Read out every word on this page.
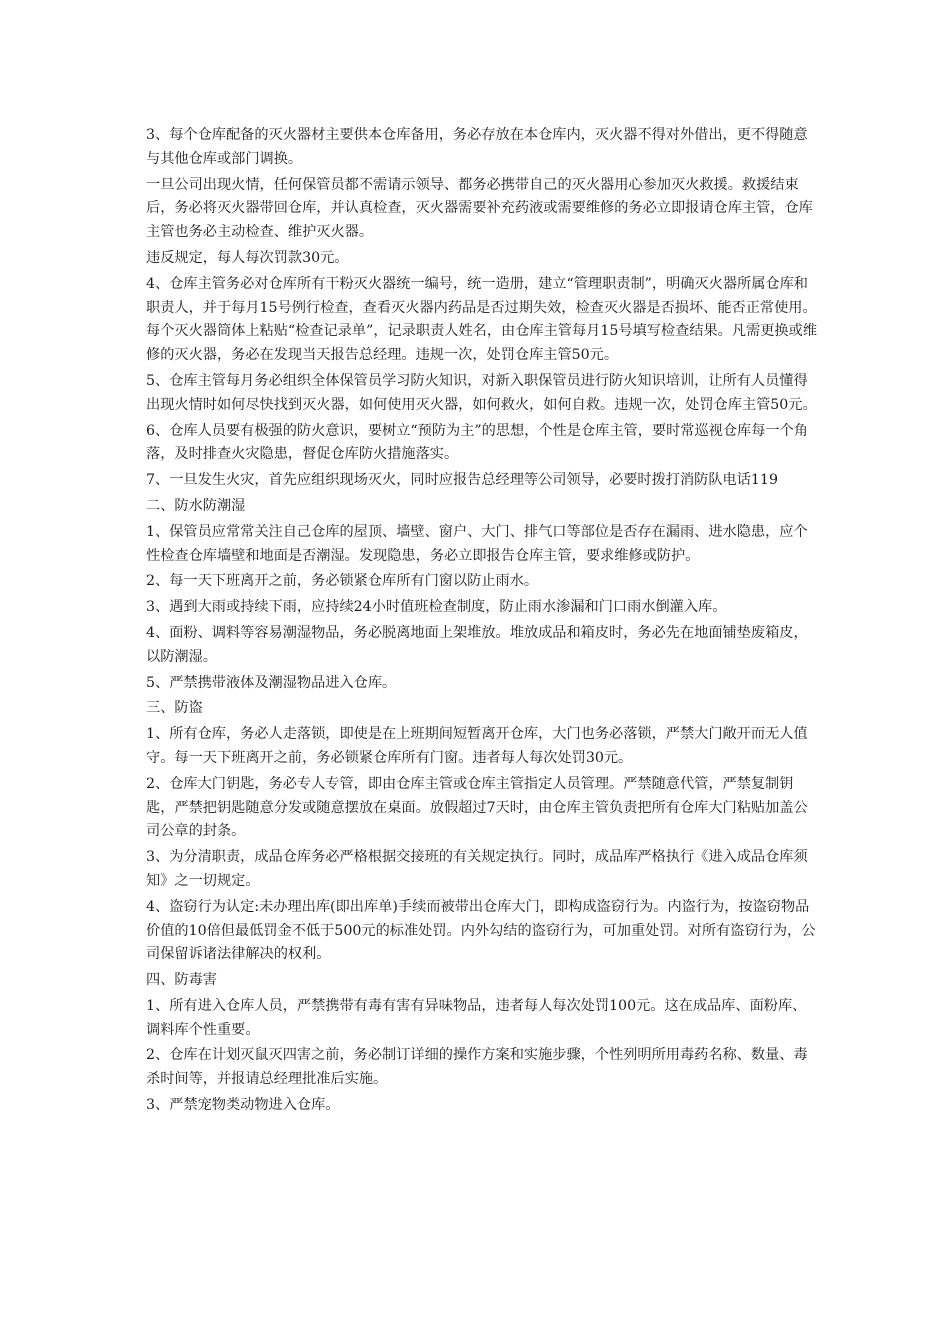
3、每个仓库配备的灭火器材主要供本仓库备用，务必存放在本仓库内，灭火器不得对外借出，更不得随意与其他仓库或部门调换。

一旦公司出现火情，任何保管员都不需请示领导、都务必携带自己的灭火器用心参加灭火救援。救援结束后，务必将灭火器带回仓库，并认真检查，灭火器需要补充药液或需要维修的务必立即报请仓库主管，仓库主管也务必主动检查、维护灭火器。

违反规定，每人每次罚款30元。

4、仓库主管务必对仓库所有干粉灭火器统一编号，统一造册，建立“管理职责制”，明确灭火器所属仓库和职责人，并于每月15号例行检查，查看灭火器内药品是否过期失效，检查灭火器是否损坏、能否正常使用。每个灭火器筒体上粘贴“检查记录单”，记录职责人姓名，由仓库主管每月15号填写检查结果。凡需更换或维修的灭火器，务必在发现当天报告总经理。违规一次，处罚仓库主管50元。

5、仓库主管每月务必组织全体保管员学习防火知识，对新入职保管员进行防火知识培训，让所有人员懂得出现火情时如何尽快找到灭火器，如何使用灭火器，如何救火，如何自救。违规一次，处罚仓库主管50元。

6、仓库人员要有极强的防火意识，要树立“预防为主”的思想，个性是仓库主管，要时常巡视仓库每一个角落，及时排查火灾隐患，督促仓库防火措施落实。

7、一旦发生火灾，首先应组织现场灭火，同时应报告总经理等公司领导，必要时拨打消防队电话119

二、防水防潮湿

1、保管员应常常关注自己仓库的屋顶、墙壁、窗户、大门、排气口等部位是否存在漏雨、进水隐患，应个性检查仓库墙壁和地面是否潮湿。发现隐患，务必立即报告仓库主管，要求维修或防护。

2、每一天下班离开之前，务必锁紧仓库所有门窗以防止雨水。

3、遇到大雨或持续下雨，应持续24小时值班检查制度，防止雨水渗漏和门口雨水倒灌入库。

4、面粉、调料等容易潮湿物品，务必脱离地面上架堆放。堆放成品和箱皮时，务必先在地面铺垫废箱皮，以防潮湿。

5、严禁携带液体及潮湿物品进入仓库。

三、防盗

1、所有仓库，务必人走落锁，即使是在上班期间短暂离开仓库，大门也务必落锁，严禁大门敞开而无人值守。每一天下班离开之前，务必锁紧仓库所有门窗。违者每人每次处罚30元。

2、仓库大门钥匙，务必专人专管，即由仓库主管或仓库主管指定人员管理。严禁随意代管，严禁复制钥匙，严禁把钥匙随意分发或随意摆放在桌面。放假超过7天时，由仓库主管负责把所有仓库大门粘贴加盖公司公章的封条。

3、为分清职责，成品仓库务必严格根据交接班的有关规定执行。同时，成品库严格执行《进入成品仓库须知》之一切规定。

4、盗窃行为认定:未办理出库(即出库单)手续而被带出仓库大门，即构成盗窃行为。内盗行为，按盗窃物品价值的10倍但最低罚金不低于500元的标准处罚。内外勾结的盗窃行为，可加重处罚。对所有盗窃行为，公司保留诉诸法律解决的权利。

四、防毒害

1、所有进入仓库人员，严禁携带有毒有害有异味物品，违者每人每次处罚100元。这在成品库、面粉库、调料库个性重要。

2、仓库在计划灭鼠灭四害之前，务必制订详细的操作方案和实施步骤，个性列明所用毒药名称、数量、毒杀时间等，并报请总经理批准后实施。

3、严禁宠物类动物进入仓库。
